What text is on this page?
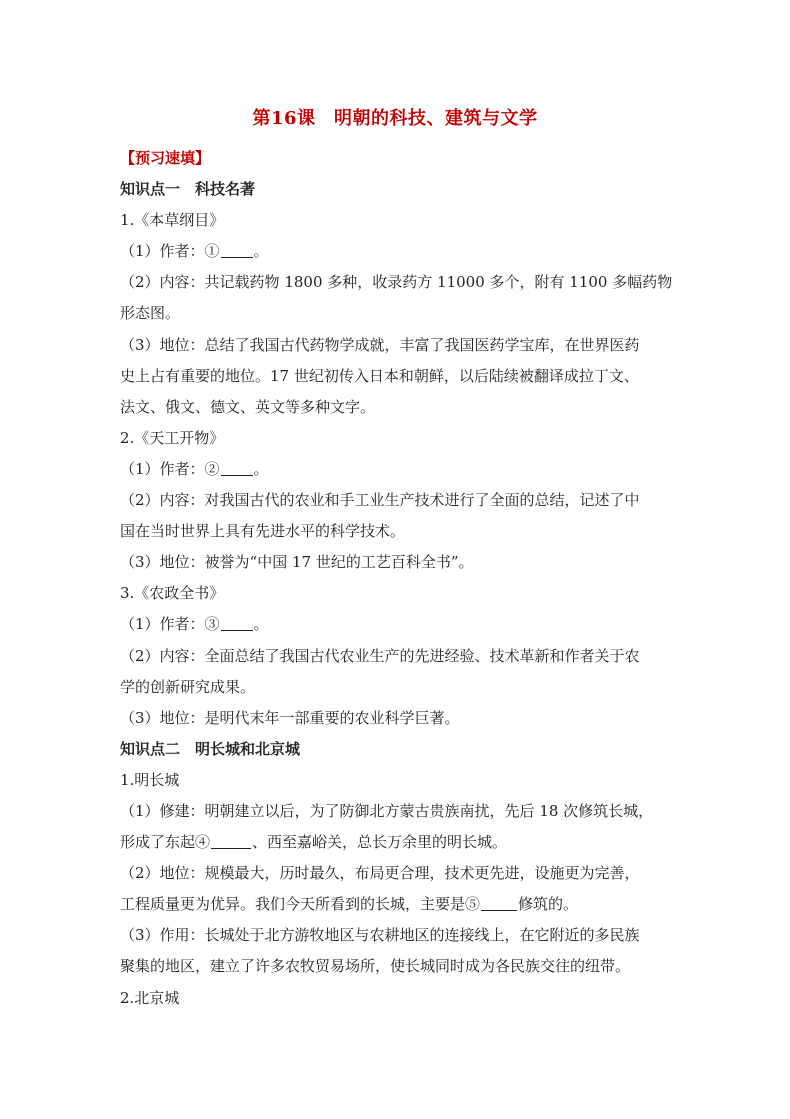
第16课　明朝的科技、建筑与文学
【预习速填】
知识点一　科技名著
1.《本草纲目》
（1）作者：① 。
（2）内容：共记载药物 1800 多种，收录药方 11000 多个，附有 1100 多幅药物
形态图。
（3）地位：总结了我国古代药物学成就，丰富了我国医药学宝库，在世界医药
史上占有重要的地位。17 世纪初传入日本和朝鲜，以后陆续被翻译成拉丁文、
法文、俄文、德文、英文等多种文字。
2.《天工开物》
（1）作者：② 。
（2）内容：对我国古代的农业和手工业生产技术进行了全面的总结，记述了中
国在当时世界上具有先进水平的科学技术。
（3）地位：被誉为“中国 17 世纪的工艺百科全书”。
3.《农政全书》
（1）作者：③ 。
（2）内容：全面总结了我国古代农业生产的先进经验、技术革新和作者关于农
学的创新研究成果。
（3）地位：是明代末年一部重要的农业科学巨著。
知识点二　明长城和北京城
1.明长城
（1）修建：明朝建立以后，为了防御北方蒙古贵族南扰，先后 18 次修筑长城，
形成了东起④	、西至嘉峪关，总长万余里的明长城。
（2）地位：规模最大，历时最久，布局更合理，技术更先进，设施更为完善，
工程质量更为优异。我们今天所看到的长城，主要是⑤	修筑的。
（3）作用：长城处于北方游牧地区与农耕地区的连接线上，在它附近的多民族
聚集的地区，建立了许多农牧贸易场所，使长城同时成为各民族交往的纽带。
2.北京城
